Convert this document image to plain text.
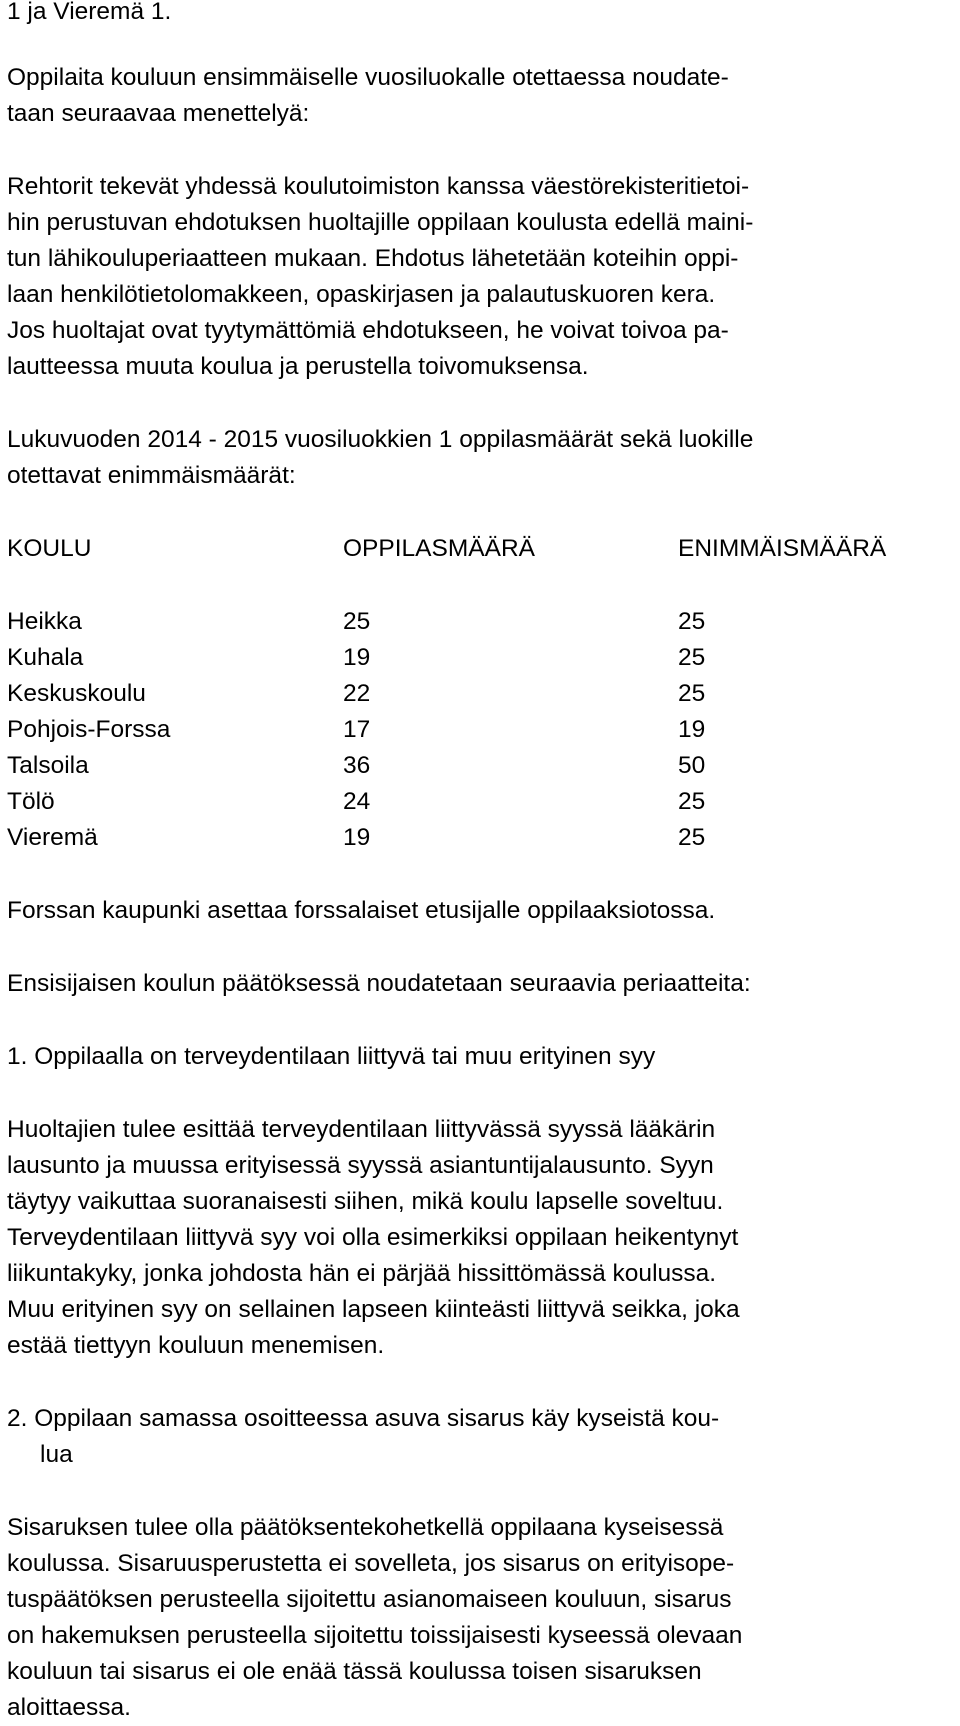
1 ja Vieremä 1.
Oppilaita kouluun ensimmäiselle vuosiluokalle otettaessa noudate-
taan seuraavaa menettelyä:
Rehtorit tekevät yhdessä koulutoimiston kanssa väestörekisteritietoi-
hin perustuvan ehdotuksen huoltajille oppilaan koulusta edellä maini-
tun lähikouluperiaatteen mukaan. Ehdotus lähetetään koteihin oppi-
laan henkilötietolomakkeen, opaskirjasen ja palautuskuoren kera.
Jos huoltajat ovat tyytymättömiä ehdotukseen, he voivat toivoa pa-
lautteessa muuta koulua ja perustella toivomuksensa.
Lukuvuoden 2014 - 2015 vuosiluokkien 1 oppilasmäärät sekä luokille
otettavat enimmäismäärät:
KOULU	OPPILASMÄÄRÄ	ENIMMÄISMÄÄRÄ
Heikka	25	25
Kuhala	19	25
Keskuskoulu	22	25
Pohjois-Forssa	17	19
Talsoila	36	50
Tölö	24	25
Vieremä	19	25
Forssan kaupunki asettaa forssalaiset etusijalle oppilaaksiotossa.
Ensisijaisen koulun päätöksessä noudatetaan seuraavia periaatteita:
1. Oppilaalla on terveydentilaan liittyvä tai muu erityinen syy
Huoltajien tulee esittää terveydentilaan liittyvässä syyssä lääkärin
lausunto ja muussa erityisessä syyssä asiantuntijalausunto. Syyn
täytyy vaikuttaa suoranaisesti siihen, mikä koulu lapselle soveltuu.
Terveydentilaan liittyvä syy voi olla esimerkiksi oppilaan heikentynyt
liikuntakyky, jonka johdosta hän ei pärjää hissittömässä koulussa.
Muu erityinen syy on sellainen lapseen kiinteästi liittyvä seikka, joka
estää tiettyyn kouluun menemisen.
2. Oppilaan samassa osoitteessa asuva sisarus käy kyseistä kou-
lua
Sisaruksen tulee olla päätöksentekohetkellä oppilaana kyseisessä
koulussa. Sisaruusperustetta ei sovelleta, jos sisarus on erityisope-
tuspäätöksen perusteella sijoitettu asianomaiseen kouluun, sisarus
on hakemuksen perusteella sijoitettu toissijaisesti kyseessä olevaan
kouluun tai sisarus ei ole enää tässä koulussa toisen sisaruksen
aloittaessa.
